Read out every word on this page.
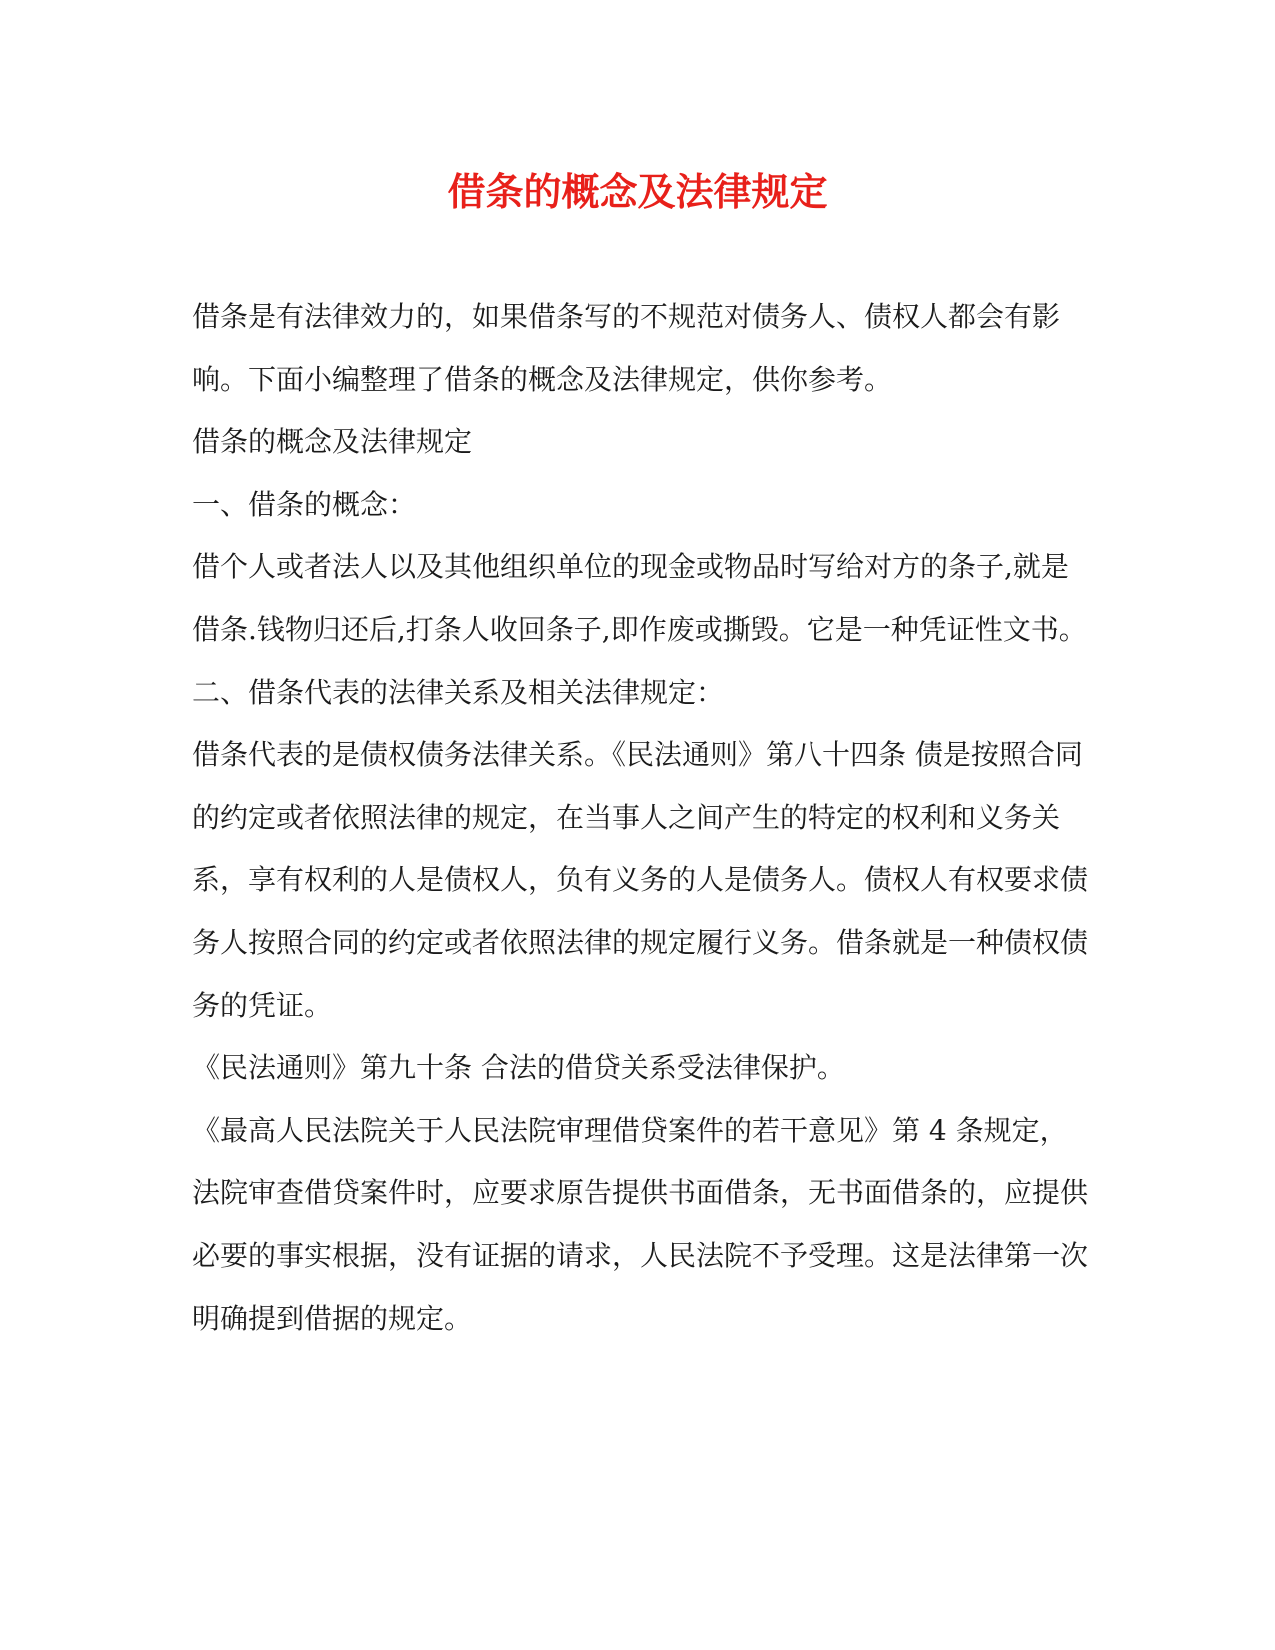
借条的概念及法律规定

借条是有法律效力的，如果借条写的不规范对债务人、债权人都会有影响。下面小编整理了借条的概念及法律规定，供你参考。

借条的概念及法律规定

一、借条的概念：

借个人或者法人以及其他组织单位的现金或物品时写给对方的条子,就是借条.钱物归还后,打条人收回条子,即作废或撕毁。它是一种凭证性文书。

二、借条代表的法律关系及相关法律规定：

借条代表的是债权债务法律关系。《民法通则》第八十四条 债是按照合同的约定或者依照法律的规定，在当事人之间产生的特定的权利和义务关系，享有权利的人是债权人，负有义务的人是债务人。债权人有权要求债务人按照合同的约定或者依照法律的规定履行义务。借条就是一种债权债务的凭证。

《民法通则》第九十条 合法的借贷关系受法律保护。

《最高人民法院关于人民法院审理借贷案件的若干意见》第 4 条规定，法院审查借贷案件时，应要求原告提供书面借条，无书面借条的，应提供必要的事实根据，没有证据的请求，人民法院不予受理。这是法律第一次明确提到借据的规定。
